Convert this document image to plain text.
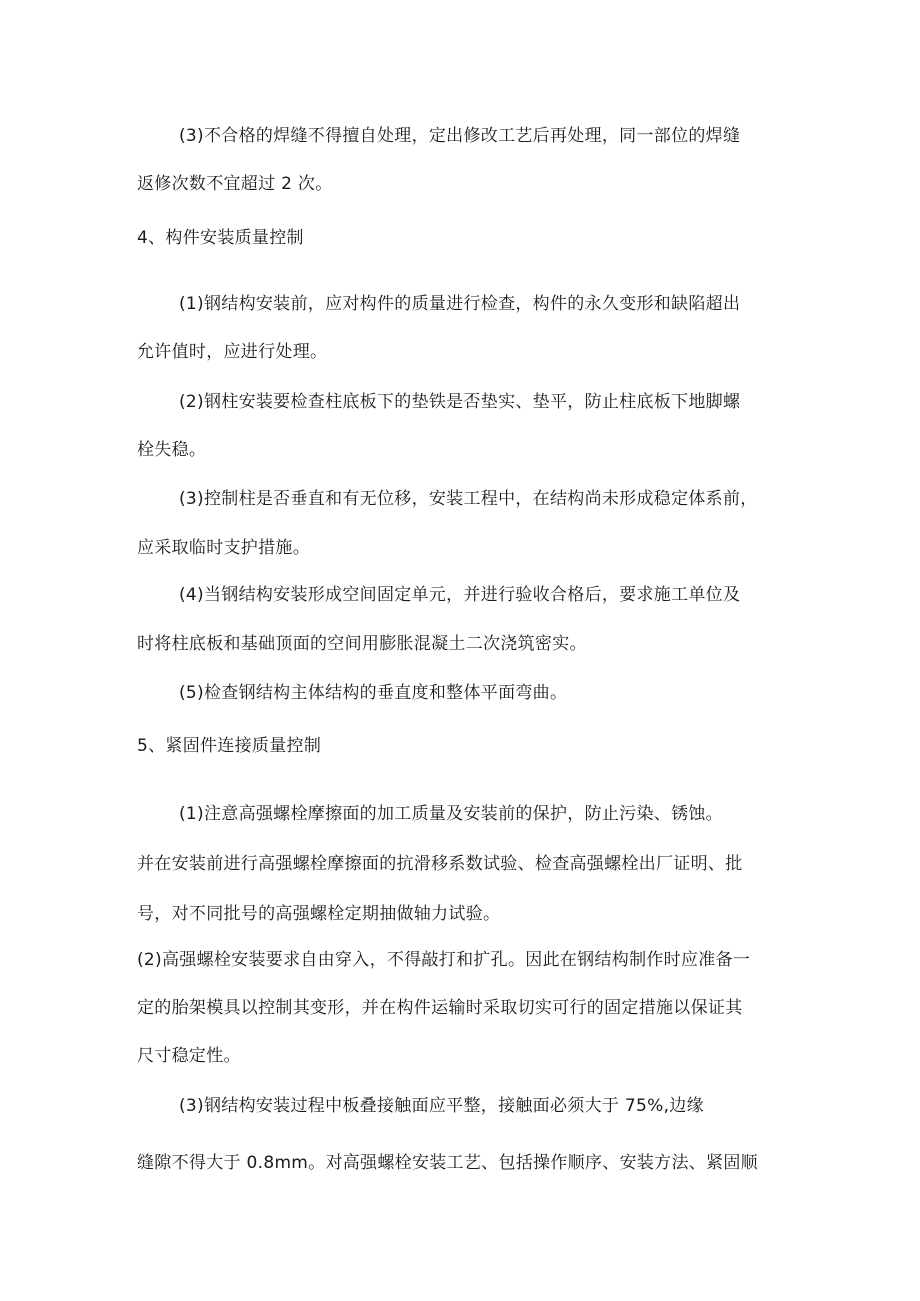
(3)不合格的焊缝不得擅自处理，定出修改工艺后再处理，同一部位的焊缝
返修次数不宜超过 2 次。
4、构件安装质量控制
(1)钢结构安装前，应对构件的质量进行检查，构件的永久变形和缺陷超出
允许值时，应进行处理。
(2)钢柱安装要检查柱底板下的垫铁是否垫实、垫平，防止柱底板下地脚螺
栓失稳。
(3)控制柱是否垂直和有无位移，安装工程中，在结构尚未形成稳定体系前，
应采取临时支护措施。
(4)当钢结构安装形成空间固定单元，并进行验收合格后，要求施工单位及
时将柱底板和基础顶面的空间用膨胀混凝土二次浇筑密实。
(5)检查钢结构主体结构的垂直度和整体平面弯曲。
5、紧固件连接质量控制
(1)注意高强螺栓摩擦面的加工质量及安装前的保护，防止污染、锈蚀。
并在安装前进行高强螺栓摩擦面的抗滑移系数试验、检查高强螺栓出厂证明、批
号，对不同批号的高强螺栓定期抽做轴力试验。
(2)高强螺栓安装要求自由穿入，不得敲打和扩孔。因此在钢结构制作时应准备一
定的胎架模具以控制其变形，并在构件运输时采取切实可行的固定措施以保证其
尺寸稳定性。
(3)钢结构安装过程中板叠接触面应平整，接触面必须大于 75%,边缘
缝隙不得大于 0.8mm。对高强螺栓安装工艺、包括操作顺序、安装方法、紧固顺
